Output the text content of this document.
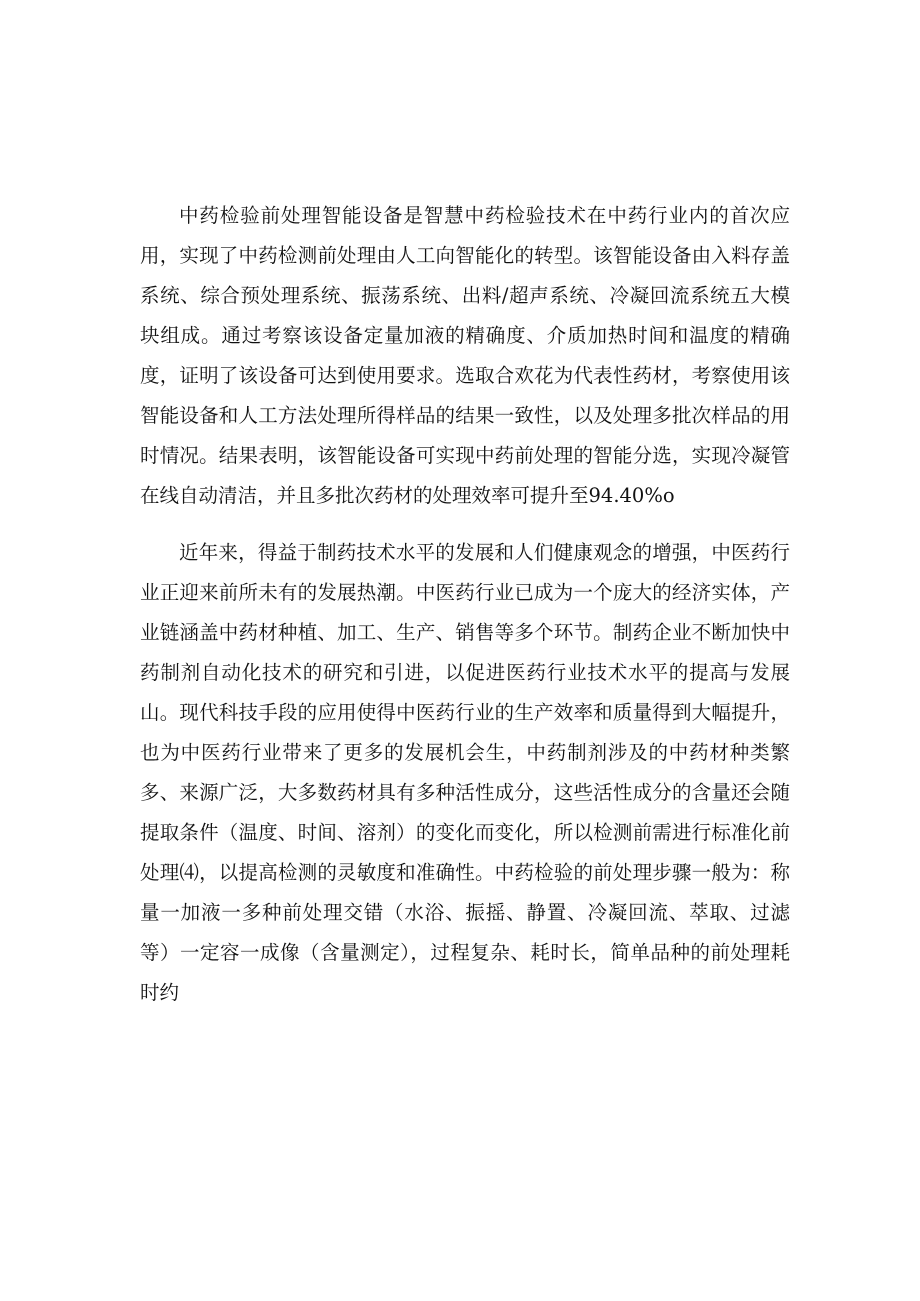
中药检验前处理智能设备是智慧中药检验技术在中药行业内的首次应用，实现了中药检测前处理由人工向智能化的转型。该智能设备由入料存盖系统、综合预处理系统、振荡系统、出料/超声系统、冷凝回流系统五大模块组成。通过考察该设备定量加液的精确度、介质加热时间和温度的精确度，证明了该设备可达到使用要求。选取合欢花为代表性药材，考察使用该智能设备和人工方法处理所得样品的结果一致性，以及处理多批次样品的用时情况。结果表明，该智能设备可实现中药前处理的智能分选，实现冷凝管在线自动清洁，并且多批次药材的处理效率可提升至94.40%o

近年来，得益于制药技术水平的发展和人们健康观念的增强，中医药行业正迎来前所未有的发展热潮。中医药行业已成为一个庞大的经济实体，产业链涵盖中药材种植、加工、生产、销售等多个环节。制药企业不断加快中药制剂自动化技术的研究和引进，以促进医药行业技术水平的提高与发展山。现代科技手段的应用使得中医药行业的生产效率和质量得到大幅提升，也为中医药行业带来了更多的发展机会生，中药制剂涉及的中药材种类繁多、来源广泛，大多数药材具有多种活性成分，这些活性成分的含量还会随提取条件（温度、时间、溶剂）的变化而变化，所以检测前需进行标准化前处理⑷，以提高检测的灵敏度和准确性。中药检验的前处理步骤一般为：称量一加液一多种前处理交错（水浴、振摇、静置、冷凝回流、萃取、过滤等）一定容一成像（含量测定），过程复杂、耗时长，简单品种的前处理耗时约
